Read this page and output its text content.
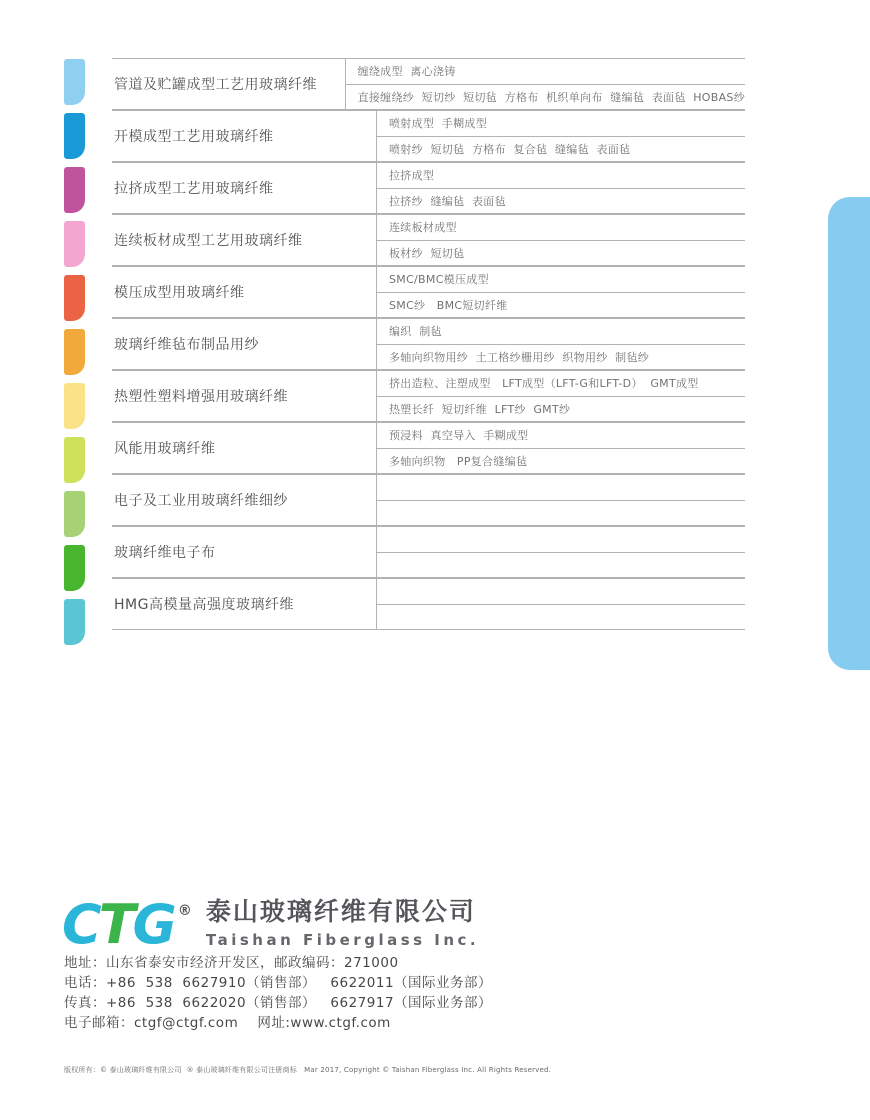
管道及贮罐成型工艺用玻璃纤维
缠绕成型  离心浇铸
直接缠绕纱  短切纱  短切毡  方格布  机织单向布  缝编毡  表面毡  HOBAS纱
开模成型工艺用玻璃纤维
喷射成型  手糊成型
喷射纱  短切毡  方格布  复合毡  缝编毡  表面毡
拉挤成型工艺用玻璃纤维
拉挤成型
拉挤纱  缝编毡  表面毡
连续板材成型工艺用玻璃纤维
连续板材成型
板材纱  短切毡
模压成型用玻璃纤维
SMC/BMC模压成型
SMC纱   BMC短切纤维
玻璃纤维毡布制品用纱
编织  制毡
多轴向织物用纱  土工格纱栅用纱  织物用纱  制毡纱
热塑性塑料增强用玻璃纤维
挤出造粒、注塑成型   LFT成型（LFT-G和LFT-D）  GMT成型
热塑长纤  短切纤维  LFT纱  GMT纱
风能用玻璃纤维
预浸料  真空导入  手糊成型
多轴向织物   PP复合缝编毡
电子及工业用玻璃纤维细纱
玻璃纤维电子布
HMG高模量高强度玻璃纤维
CTG ® 泰山玻璃纤维有限公司
Taishan Fiberglass Inc.
地址：山东省泰安市经济开发区，邮政编码：271000
电话：+86  538  6627910（销售部）   6622011（国际业务部）
传真：+86  538  6622020（销售部）   6627917（国际业务部）
电子邮箱：ctgf@ctgf.com    网址:www.ctgf.com
版权所有：© 泰山玻璃纤维有限公司  ® 泰山玻璃纤维有限公司注册商标   Mar 2017, Copyright © Taishan Fiberglass Inc. All Rights Reserved.
